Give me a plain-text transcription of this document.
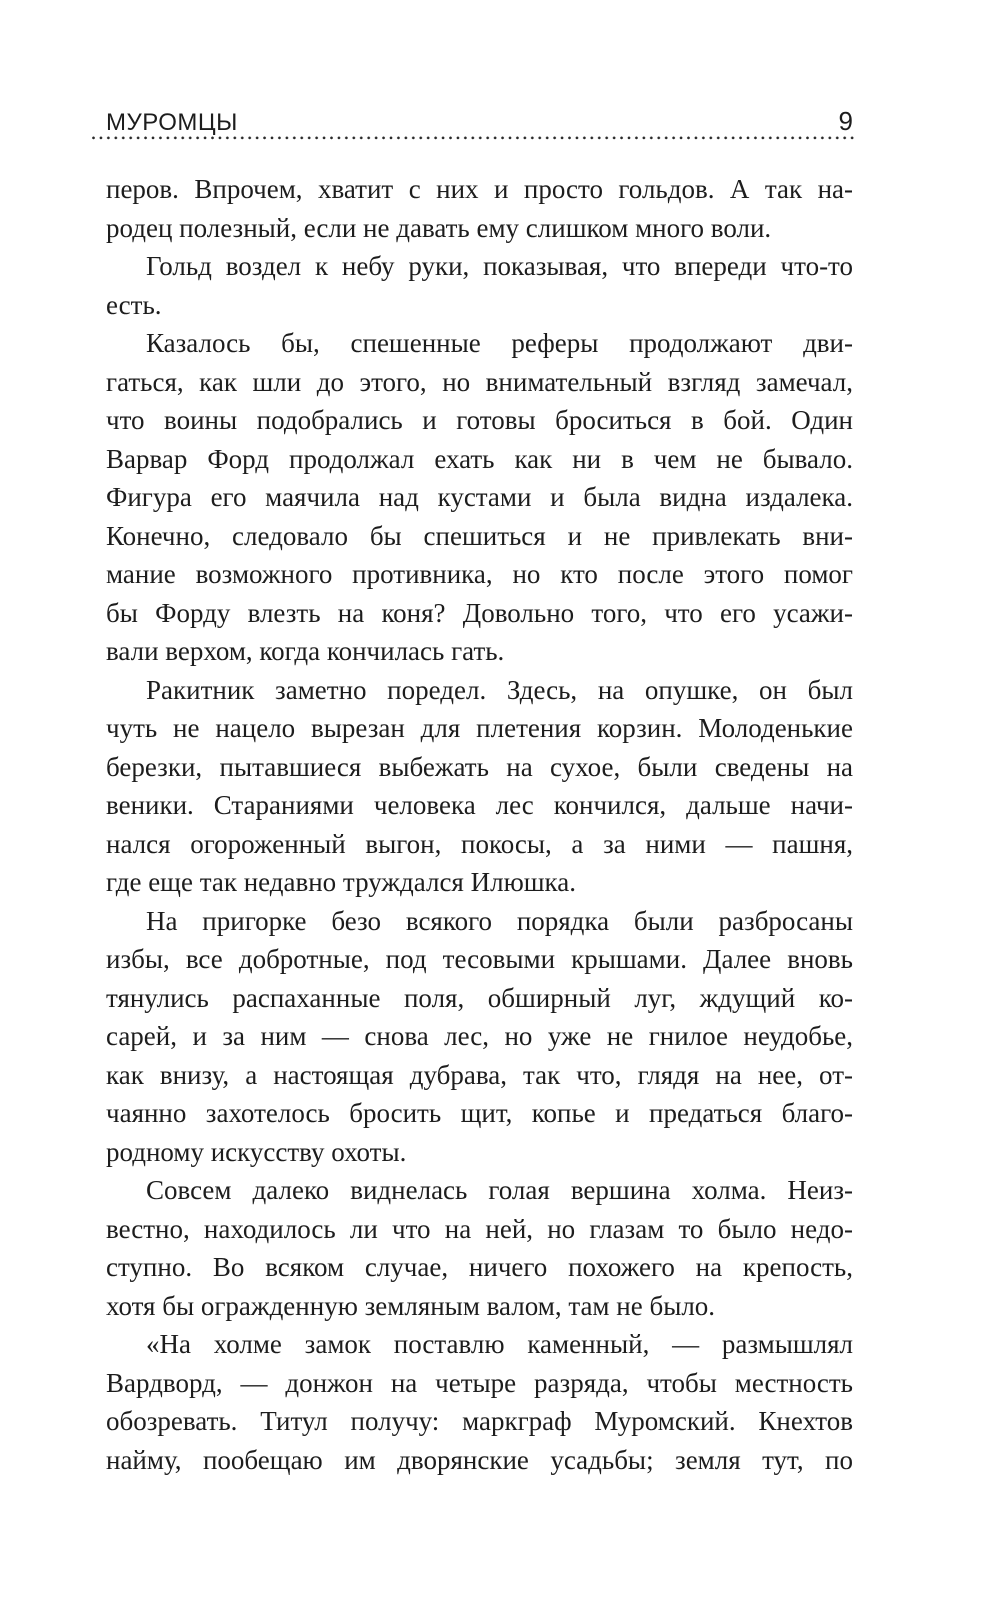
МУРОМЦЫ	9
перов. Впрочем, хватит с них и просто гольдов. А так на-
родец полезный, если не давать ему слишком много воли.
Гольд воздел к небу руки, показывая, что впереди что-то
есть.
Казалось бы, спешенные реферы продолжают дви-
гаться, как шли до этого, но внимательный взгляд замечал,
что воины подобрались и готовы броситься в бой. Один
Варвар Форд продолжал ехать как ни в чем не бывало.
Фигура его маячила над кустами и была видна издалека.
Конечно, следовало бы спешиться и не привлекать вни-
мание возможного противника, но кто после этого помог
бы Форду влезть на коня? Довольно того, что его усажи-
вали верхом, когда кончилась гать.
Ракитник заметно поредел. Здесь, на опушке, он был
чуть не нацело вырезан для плетения корзин. Молоденькие
березки, пытавшиеся выбежать на сухое, были сведены на
веники. Стараниями человека лес кончился, дальше начи-
нался огороженный выгон, покосы, а за ними — пашня,
где еще так недавно труждался Илюшка.
На пригорке безо всякого порядка были разбросаны
избы, все добротные, под тесовыми крышами. Далее вновь
тянулись распаханные поля, обширный луг, ждущий ко-
сарей, и за ним — снова лес, но уже не гнилое неудобье,
как внизу, а настоящая дубрава, так что, глядя на нее, от-
чаянно захотелось бросить щит, копье и предаться благо-
родному искусству охоты.
Совсем далеко виднелась голая вершина холма. Неиз-
вестно, находилось ли что на ней, но глазам то было недо-
ступно. Во всяком случае, ничего похожего на крепость,
хотя бы огражденную земляным валом, там не было.
«На холме замок поставлю каменный, — размышлял
Вардворд, — донжон на четыре разряда, чтобы местность
обозревать. Титул получу: маркграф Муромский. Кнехтов
найму, пообещаю им дворянские усадьбы; земля тут, по
